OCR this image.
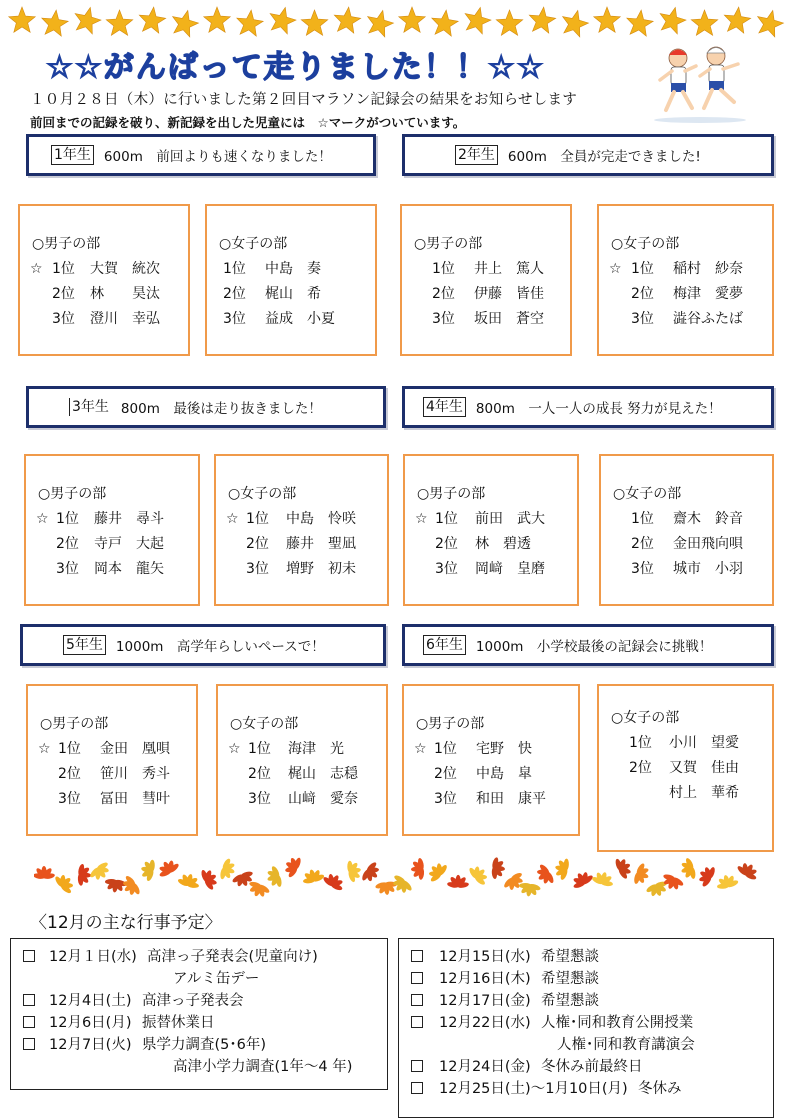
☆☆がんばって走りました！！☆☆
１０月２８日（木）に行いました第２回目マラソン記録会の結果をお知らせします
前回までの記録を破り、新記録を出した児童には　☆マークがついています。
1年生 600m　前回よりも速くなりました！	2年生 600m　全員が完走できました!
3年生 800m　最後は走り抜きました！	4年生 800m　一人一人の成長 努力が見えた！
5年生 1000m　高学年らしいペースで！	6年生 1000m　小学校最後の記録会に挑戦！
○男子の部
☆ 1位 大賀　統次
2位 林　　昊汰
3位 澄川　幸弘
○女子の部
1位 中島　奏
2位 梶山　希
3位 益成　小夏
○男子の部
1位 井上　篤人
2位 伊藤　皆佳
3位 坂田　蒼空
○女子の部
☆ 1位 稲村　紗奈
2位 梅津　愛夢
3位 澁谷ふたば
○男子の部
☆ 1位 藤井　尋斗
2位 寺戸　大起
3位 岡本　龍矢
○女子の部
☆ 1位 中島　怜咲
2位 藤井　聖凪
3位 増野　初未
○男子の部
☆ 1位 前田　武大
2位 林　碧透
3位 岡﨑　皇磨
○女子の部
1位 齋木　鈴音
2位 金田飛向唄
3位 城市　小羽
○男子の部
☆ 1位 金田　凰唄
2位 笹川　秀斗
3位 冨田　彗叶
○女子の部
☆ 1位 海津　光
2位 梶山　志穏
3位 山﨑　愛奈
○男子の部
☆ 1位 宅野　快
2位 中島　皐
3位 和田　康平
○女子の部
1位 小川　望愛
2位 又賀　佳由
村上　華希
〈12月の主な行事予定〉
12月１日(水) 高津っ子発表会(児童向け)
アルミ缶デー
12月4日(土) 高津っ子発表会
12月6日(月) 振替休業日
12月7日(火) 県学力調査(5･6年)
高津小学力調査(1年～4 年)
12月15日(水) 希望懇談
12月16日(木) 希望懇談
12月17日(金) 希望懇談
12月22日(水) 人権･同和教育公開授業
人権･同和教育講演会
12月24日(金) 冬休み前最終日
12月25日(土)～1月10日(月) 冬休み
